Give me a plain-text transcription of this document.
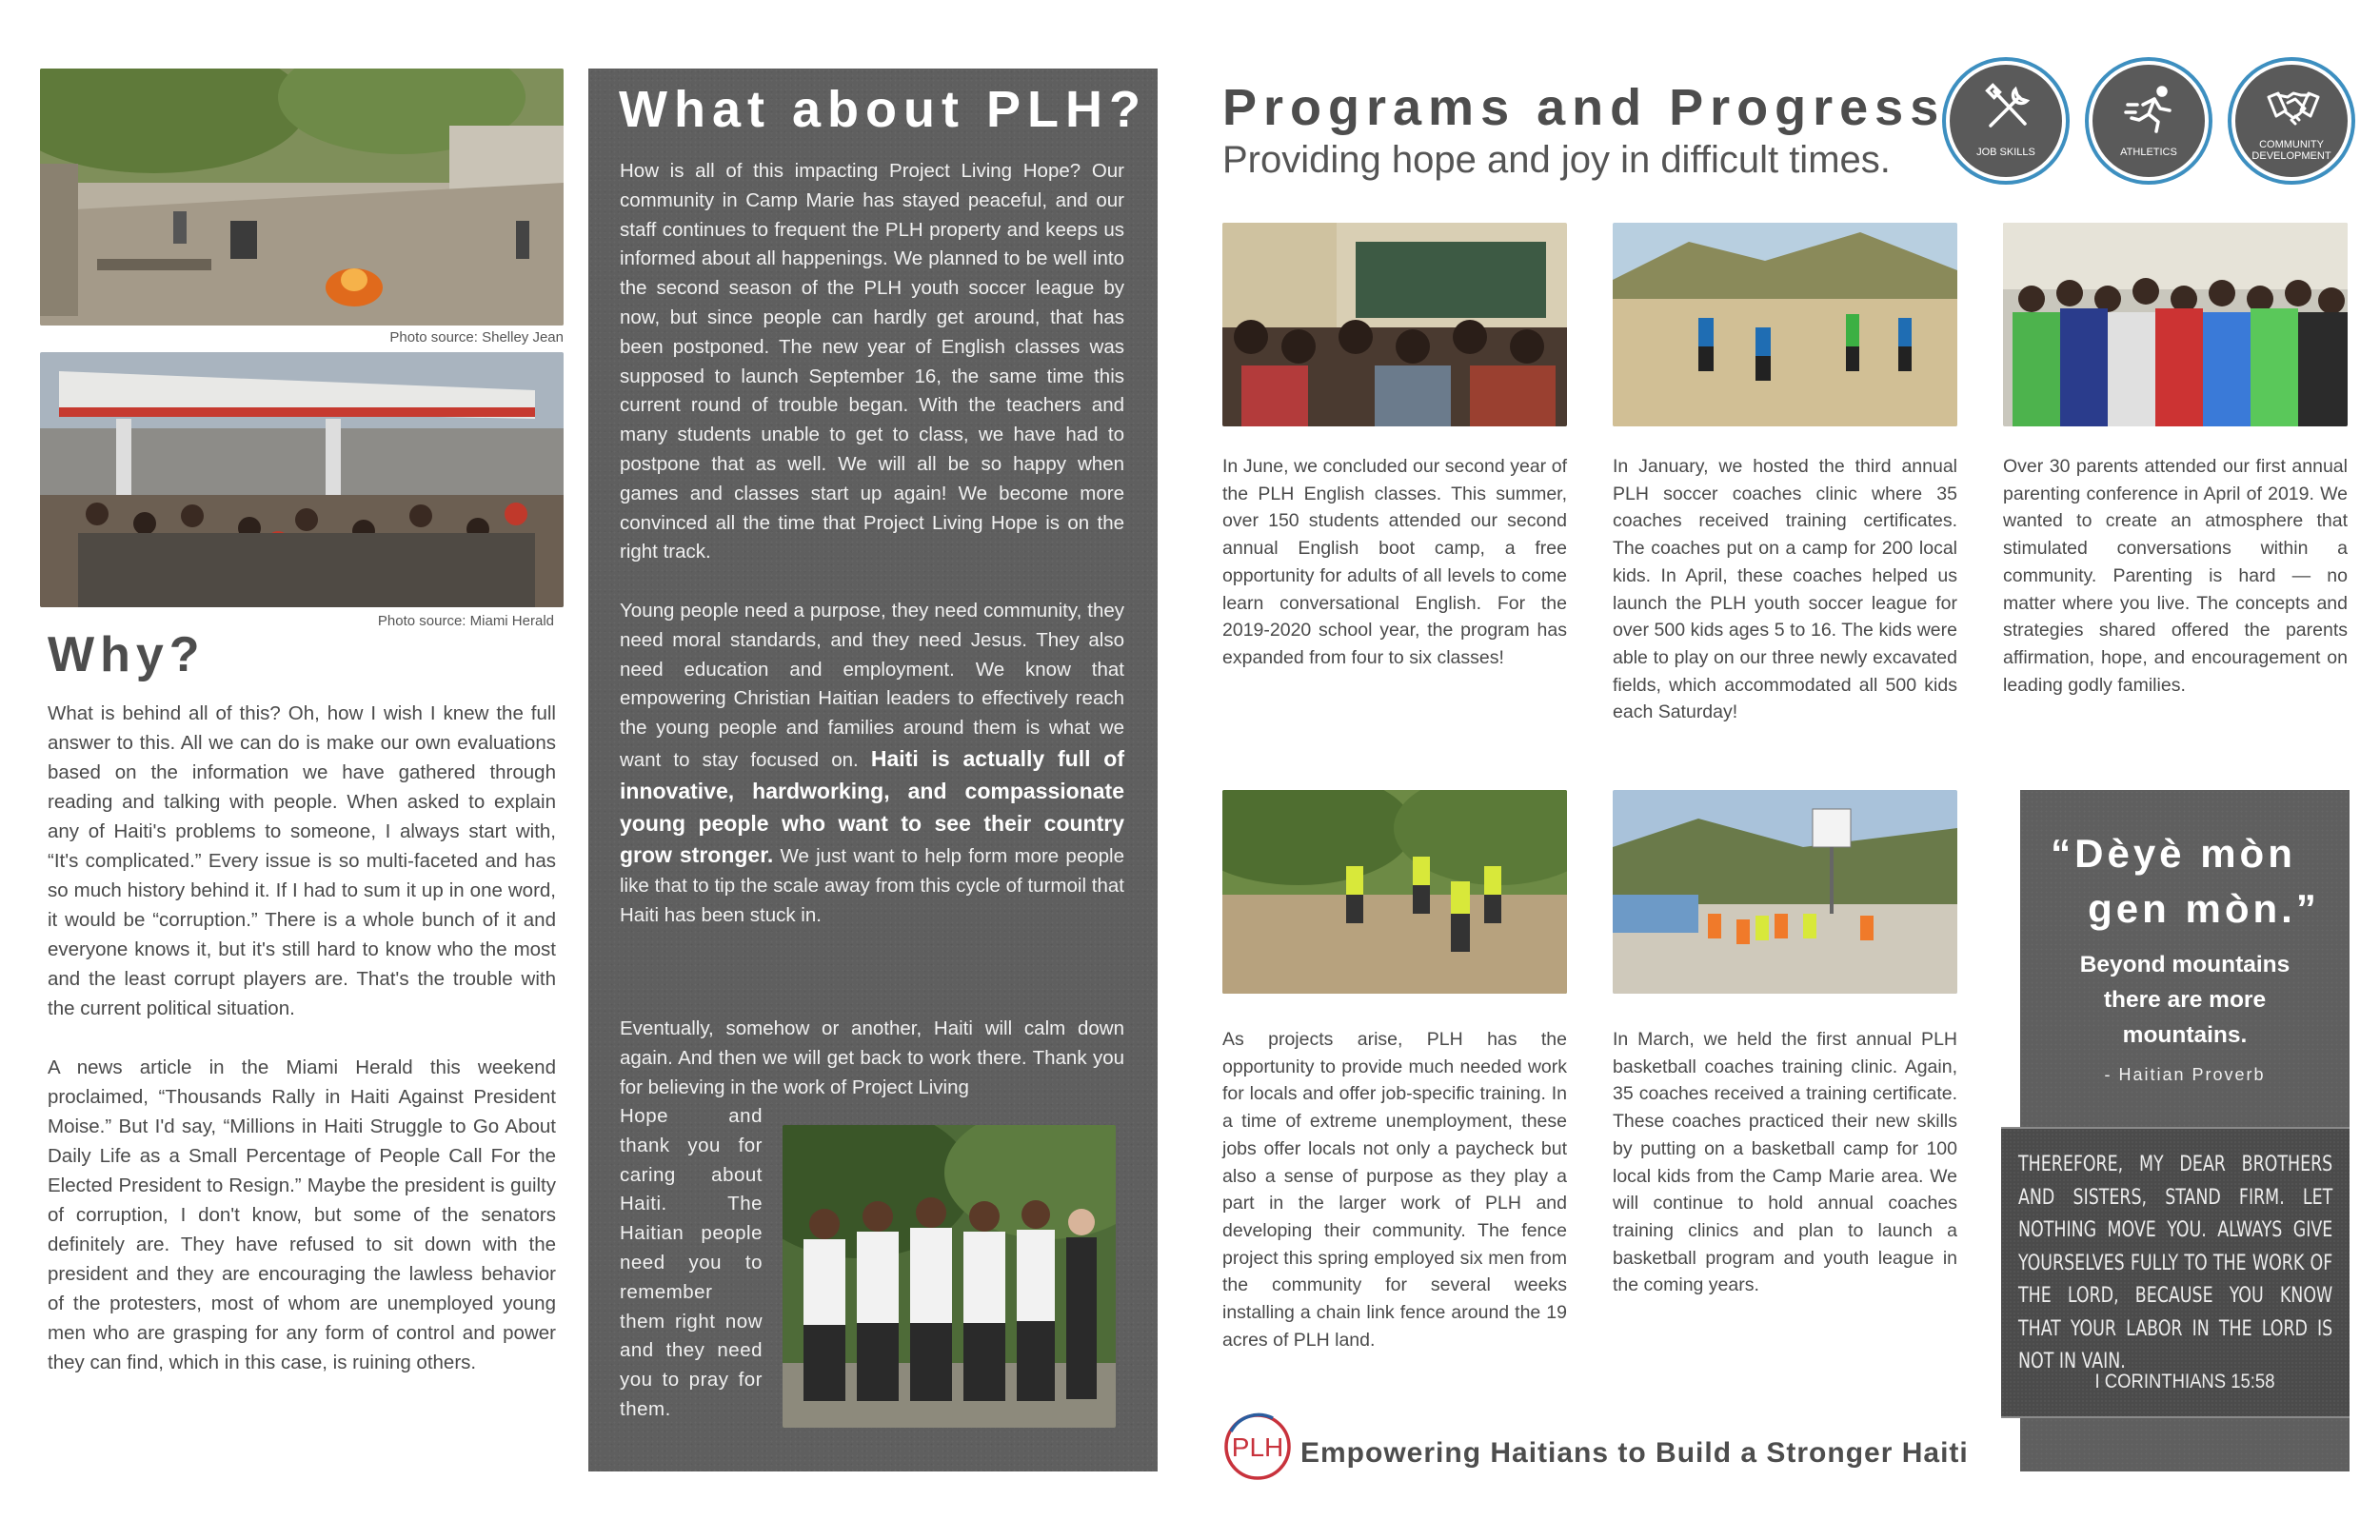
Photo source: Shelley Jean
Photo source: Miami Herald
Why?

What is behind all of this? Oh, how I wish I knew the full answer to this. All we can do is make our own evaluations based on the information we have gathered through reading and talking with people. When asked to explain any of Haiti's problems to someone, I always start with, “It's complicated.” Every issue is so multi-faceted and has so much history behind it. If I had to sum it up in one word, it would be “corruption.” There is a whole bunch of it and everyone knows it, but it's still hard to know who the most and the least corrupt players are. That's the trouble with the current political situation.

A news article in the Miami Herald this weekend proclaimed, “Thousands Rally in Haiti Against President Moise.” But I'd say, “Millions in Haiti Struggle to Go About Daily Life as a Small Percentage of People Call For the Elected President to Resign.” Maybe the president is guilty of corruption, I don't know, but some of the senators definitely are. They have refused to sit down with the president and they are encouraging the lawless behavior of the protesters, most of whom are unemployed young men who are grasping for any form of control and power they can find, which in this case, is ruining others.

What about PLH?

How is all of this impacting Project Living Hope? Our community in Camp Marie has stayed peaceful, and our staff continues to frequent the PLH property and keeps us informed about all happenings. We planned to be well into the second season of the PLH youth soccer league by now, but since people can hardly get around, that has been postponed. The new year of English classes was supposed to launch September 16, the same time this current round of trouble began. With the teachers and many students unable to get to class, we have had to postpone that as well. We will all be so happy when games and classes start up again! We become more convinced all the time that Project Living Hope is on the right track.

Young people need a purpose, they need community, they need moral standards, and they need Jesus. They also need education and employment. We know that empowering Christian Haitian leaders to effectively reach the young people and families around them is what we want to stay focused on. Haiti is actually full of innovative, hardworking, and compassionate young people who want to see their country grow stronger. We just want to help form more people like that to tip the scale away from this cycle of turmoil that Haiti has been stuck in.

Eventually, somehow or another, Haiti will calm down again. And then we will get back to work there. Thank you for believing in the work of Project Living
Hope and thank you for caring about Haiti. The Haitian people need you to remember them right now and they need you to pray for them.
Programs and Progress
Providing hope and joy in difficult times.	JOB SKILLS	ATHLETICS
COMMUNITY DEVELOPMENT
In June, we concluded our second year of the PLH English classes. This summer, over 150 students attended our second annual English boot camp, a free opportunity for adults of all levels to come learn conversational English. For the 2019-2020 school year, the program has expanded from four to six classes!
In January, we hosted the third annual PLH soccer coaches clinic where 35 coaches received training certificates. The coaches put on a camp for 200 local kids. In April, these coaches helped us launch the PLH youth soccer league for over 500 kids ages 5 to 16. The kids were able to play on our three newly excavated fields, which accommodated all 500 kids each Saturday!
Over 30 parents attended our first annual parenting conference in April of 2019. We wanted to create an atmosphere that stimulated conversations within a community. Parenting is hard — no matter where you live. The concepts and strategies shared offered the parents affirmation, hope, and encouragement on leading godly families.
As projects arise, PLH has the opportunity to provide much needed work for locals and offer job-specific training. In a time of extreme unemployment, these jobs offer locals not only a paycheck but also a sense of purpose as they play a part in the larger work of PLH and developing their community. The fence project this spring employed six men from the community for several weeks installing a chain link fence around the 19 acres of PLH land.
In March, we held the first annual PLH basketball coaches training clinic. Again, 35 coaches received a training certificate. These coaches practiced their new skills by putting on a basketball camp for 100 local kids from the Camp Marie area. We will continue to hold annual coaches training clinics and plan to launch a basketball program and youth league in the coming years.
“Dèyè mòn
gen mòn.”
Beyond mountains there are more mountains.
- Haitian Proverb
THEREFORE, MY DEAR BROTHERS AND SISTERS, STAND FIRM. LET NOTHING MOVE YOU. ALWAYS GIVE YOURSELVES FULLY TO THE WORK OF THE LORD, BECAUSE YOU KNOW THAT YOUR LABOR IN THE LORD IS NOT IN VAIN.
I CORINTHIANS 15:58
PLH Empowering Haitians to Build a Stronger Haiti
